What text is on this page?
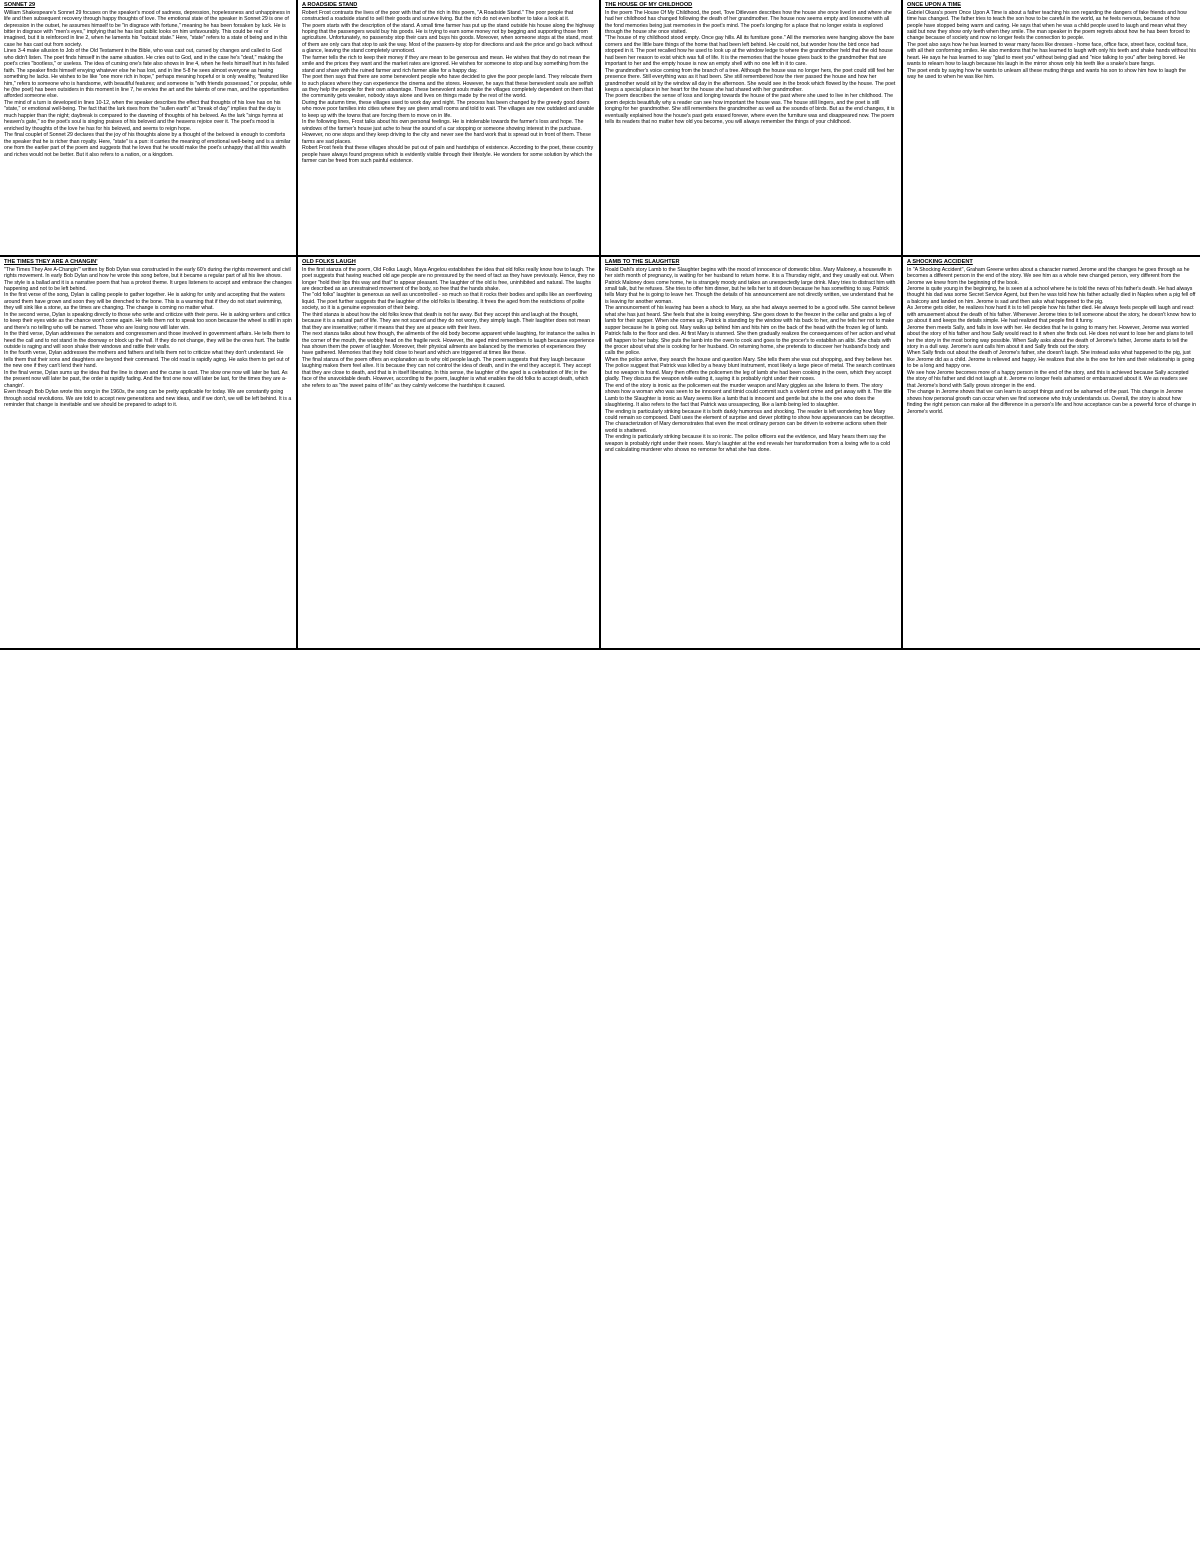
SONNET 29

William Shakespeare's Sonnet 29 focuses on the speaker's mood of sadness, depression, hopelessness and unhappiness in life and then subsequent recovery through happy thoughts of love. The emotional state of the speaker in Sonnet 29 is one of depression in the outset, he assumes himself to be "in disgrace with fortune," meaning he has been forsaken by luck. He is bitter in disgrace with "men's eyes," implying that he has lost public looks on him unfavourably. This could be real or imagined, but it is reinforced in line 2, when he laments his "outcast state." Here, "state" refers to a state of being and in this case he has cast out from society.

Lines 3-4 make allusion to Job of the Old Testament in the Bible, who was cast out, cursed by changes and called to God who didn't listen. The poet finds himself in the same situation. He cries out to God, and in the case he's "deaf," making the poet's cries "bootless," or useless. The idea of cursing one's fate also shows in line 4, when he feels himself hurt in his failed faith. The speaker finds himself envying whatever else he has lost, and in line 5-8 he sees almost everyone as having something he lacks. He wishes to be like "one more rich in hope," perhaps meaning hopeful or is only wealthy, "featured like him," refers to someone who is handsome, with beautiful features; and someone is "with friends possessed," or popular, while he (the poet) has been outsiders in this moment in line 7, he envies the art and the talents of one man, and the opportunities afforded someone else.

The mind of a turn is developed in lines 10-12, when the speaker describes the effect that thoughts of his love has on his "state," or emotional well-being. The fact that the lark rises from the "sullen earth" at "break of day" implies that the day is much happier than the night; daybreak is compared to the dawning of thoughts of his beloved. As the lark "sings hymns at heaven's gate," so the poet's soul is singing praises of his beloved and the heavens rejoice over it. The poet's mood is enriched by thoughts of the love he has for his beloved, and seems to reign hope.

The final couplet of Sonnet 29 declares that the joy of his thoughts alone by a thought of the beloved is enough to comforts the speaker that he is richer than royalty. Here, "state" is a pun: it carries the meaning of emotional well-being and is a similar one from the earlier part of the poem and suggests that he loves that he would make the poet's unhappy that all this wealth and riches would not be better. But it also refers to a nation, or a kingdom.

A ROADSIDE STAND

Robert Frost contrasts the lives of the poor with that of the rich in this poem, "A Roadside Stand." The poor people that constructed a roadside stand to sell their goods and survive living. But the rich do not even bother to take a look at it.

The poem starts with the description of the stand. A small time farmer has put up the stand outside his house along the highway hoping that the passengers would buy his goods. He is trying to earn some money not by begging and supporting those from agriculture. Unfortunately, no passersby stop their cars and buys his goods. Moreover, when someone stops at the stand, most of them are only cars that stop to ask the way. Most of the passers-by stop for directions and ask the price and go back without a glance, leaving the stand completely unnoticed.

The farmer tells the rich to keep their money if they are mean to be generous and mean. He wishes that they do not mean the smile and the prices they want and the market rates are ignored. He wishes for someone to stop and buy something from the stand and share with the ruined farmer and rich farmer alike for a happy day.

The poet then says that there are some benevolent people who have decided to give the poor people land. They relocate them to such places where they can experience the cinema and the stores. However, he says that these benevolent souls are selfish as they help the people for their own advantage. These benevolent souls make the villages completely dependent on them that the community gets weaker, nobody stays alone and lives on things made by the rest of the world.

During the autumn time, these villages used to work day and night. The process has been changed by the greedy good doers who move poor families into cities where they are given small rooms and told to wait. The villages are now outdated and unable to keep up with the towns that are forcing them to move on in life.

In the following lines, Frost talks about his own personal feelings. He is intolerable towards the farmer's loss and hope. The windows of the farmer's house just ache to hear the sound of a car stopping or someone showing interest in the purchase. However, no one stops and they keep driving to the city and never see the hard work that is spread out in front of them. These farms are sad places.

Robert Frost feels that these villages should be put out of pain and hardships of existence. According to the poet, these country people have always found progress which is evidently visible through their lifestyle. He wonders for some solution by which the farmer can be freed from such painful existence.

THE HOUSE OF MY CHILDHOOD

In the poem The House Of My Childhood, the poet, Tove Ditlevsen describes how the house she once lived in and where she had her childhood has changed following the death of her grandmother. The house now seems empty and lonesome with all the fond memories being just memories in the poet's mind. The poet's longing for a place that no longer exists is explored through the house she once visited.

"The house of my childhood stood empty. Once gay hills. All its furniture gone." All the memories were hanging above the bare corners and the little bare things of the home that had been left behind. He could not, but wonder how the bird once had stopped in it. The poet recalled how he used to look up at the window ledge to where the grandmother held that the old house had been her reason to exist which was full of life. It is the memories that the house gives back to the grandmother that are important to her and the empty house is now an empty shell with no one left in it to care.

The grandmother's voice coming from the branch of a tree. Although the house was no longer hers, the poet could still feel her presence there. Still everything was as it had been. She still remembered how the river passed the house and how her grandmother would sit by the window all day in the afternoon. She would see in the brook which flowed by the house. The poet keeps a special place in her heart for the house she had shared with her grandmother.

The poem describes the sense of loss and longing towards the house of the past where she used to live in her childhood. The poem depicts beautifully why a reader can see how important the house was. The house still lingers, and the poet is still longing for her grandmother. She still remembers the grandmother as well as the sounds of birds. But as the end changes, it is eventually explained how the house's past gets erased forever, where even the furniture was and disappeared now. The poem tells its readers that no matter how old you become, you will always remember the things of your childhood.

ONCE UPON A TIME

Gabriel Okara's poem Once Upon A Time is about a father teaching his son regarding the dangers of fake friends and how time has changed. The father tries to teach the son how to be careful in the world, as he feels nervous, because of how people have stopped being warm and caring. He says that when he was a child people used to laugh and mean what they said but now they show only teeth when they smile. The man speaker in the poem regrets about how he has been forced to change because of society and now no longer feels the connection to people.

The poet also says how he has learned to wear many faces like dresses - home face, office face, street face, cocktail face, with all their conforming smiles. He also mentions that he has learned to laugh with only his teeth and shake hands without his heart. He says he has learned to say "glad to meet you" without being glad and "nice talking to you" after being bored. He wants to relearn how to laugh because his laugh in the mirror shows only his teeth like a snake's bare fangs.

The poet ends by saying how he wants to unlearn all these muting things and wants his son to show him how to laugh the way he used to when he was like him.

THE TIMES THEY ARE A CHANGIN'

"The Times They Are A-Changin'" written by Bob Dylan was constructed in the early 60's during the rights movement and civil rights movement. In early Bob Dylan and how he wrote this song before, but it became a regular part of all his live shows. The style is a ballad and it is a narrative poem that has a protest theme. It urges listeners to accept and embrace the changes happening and not to be left behind.

In the first verse of the song, Dylan is calling people to gather together. He is asking for unity and accepting that the waters around them have grown and soon they will be drenched to the bone. This is a warning that if they do not start swimming, they will sink like a stone, as the times are changing. The change is coming no matter what.

In the second verse, Dylan is speaking directly to those who write and criticize with their pens. He is asking writers and critics to keep their eyes wide as the chance won't come again. He tells them not to speak too soon because the wheel is still in spin and there's no telling who will be named. Those who are losing now will later win.

In the third verse, Dylan addresses the senators and congressmen and those involved in government affairs. He tells them to heed the call and to not stand in the doorway or block up the hall. If they do not change, they will be the ones hurt. The battle outside is raging and will soon shake their windows and rattle their walls.

In the fourth verse, Dylan addresses the mothers and fathers and tells them not to criticize what they don't understand. He tells them that their sons and daughters are beyond their command. The old road is rapidly aging. He asks them to get out of the new one if they can't lend their hand.

In the final verse, Dylan sums up the idea that the line is drawn and the curse is cast. The slow one now will later be fast. As the present now will later be past, the order is rapidly fading. And the first one now will later be last, for the times they are a-changin'.

Even though Bob Dylan wrote this song in the 1960s, the song can be pretty applicable for today. We are constantly going through social revolutions. We are told to accept new generations and new ideas, and if we don't, we will be left behind. It is a reminder that change is inevitable and we should be prepared to adapt to it.

OLD FOLKS LAUGH

In the first stanza of the poem, Old Folks Laugh, Maya Angelou establishes the idea that old folks really know how to laugh. The poet suggests that having reached old age people are no pressured by the need of tact as they have previously. Hence, they no longer "hold their lips this way and that" to appear pleasant. The laughter of the old is free, uninhibited and natural. The laughs are described as an unrestrained movement of the body, so free that the hands shake.

The "old folks" laughter is generous as well as uncontrolled - so much so that it rocks their bodies and spills like an overflowing liquid. The poet further suggests that the laughter of the old folks is liberating. It frees the aged from the restrictions of polite society, so it is a genuine expression of their being.

The third stanza is about how the old folks know that death is not far away. But they accept this and laugh at the thought, because it is a natural part of life. They are not scared and they do not worry, they simply laugh. Their laughter does not mean that they are insensitive; rather it means that they are at peace with their lives.

The next stanza talks about how though, the ailments of the old body become apparent while laughing, for instance the saliva in the corner of the mouth, the wobbly head on the fragile neck. However, the aged mind remembers to laugh because experience has shown them the power of laughter. Moreover, their physical ailments are balanced by the memories of experiences they have gathered. Memories that they hold close to heart and which are triggered at times like these.

The final stanza of the poem offers an explanation as to why old people laugh. The poem suggests that they laugh because laughing makes them feel alive. It is because they can not control the idea of death, and in the end they accept it. They accept that they are close to death, and that is in itself liberating. In this sense, the laughter of the aged is a celebration of life; in the face of the unavoidable death. However, according to the poem, laughter is what enables the old folks to accept death, which she refers to as "the sweet pains of life" as they calmly welcome the hardships it caused.

LAMB TO THE SLAUGHTER

Roald Dahl's story Lamb to the Slaughter begins with the mood of innocence of domestic bliss. Mary Maloney, a housewife in her sixth month of pregnancy, is waiting for her husband to return home. It is a Thursday night, and they usually eat out. When Patrick Maloney does come home, he is strangely moody and takes an unexpectedly large drink. Mary tries to distract him with small talk, but he refuses. She tries to offer him dinner, but he tells her to sit down because he has something to say. Patrick tells Mary that he is going to leave her. Though the details of his announcement are not directly written, we understand that he is leaving for another woman.

The announcement of his leaving has been a shock to Mary, as she had always seemed to be a good wife. She cannot believe what she has just heard. She feels that she is losing everything. She goes down to the freezer in the cellar and grabs a leg of lamb for their supper. When she comes up, Patrick is standing by the window with his back to her, and he tells her not to make supper because he is going out. Mary walks up behind him and hits him on the back of the head with the frozen leg of lamb.

Patrick falls to the floor and dies. At first Mary is stunned. She then gradually realizes the consequences of her action and what will happen to her baby. She puts the lamb into the oven to cook and goes to the grocer's to establish an alibi. She chats with the grocer about what she is cooking for her husband. On returning home, she pretends to discover her husband's body and calls the police.

When the police arrive, they search the house and question Mary. She tells them she was out shopping, and they believe her. The police suggest that Patrick was killed by a heavy blunt instrument, most likely a large piece of metal. The search continues but no weapon is found. Mary then offers the policemen the leg of lamb she had been cooking in the oven, which they accept gladly. They discuss the weapon while eating it, saying it is probably right under their noses.

The end of the story is ironic as the policemen eat the murder weapon and Mary giggles as she listens to them. The story shows how a woman who was seen to be innocent and timid could commit such a violent crime and get away with it. The title Lamb to the Slaughter is ironic as Mary seems like a lamb that is innocent and gentle but she is the one who does the slaughtering. It also refers to the fact that Patrick was unsuspecting, like a lamb being led to slaughter.

The ending is particularly striking because it is both darkly humorous and shocking. The reader is left wondering how Mary could remain so composed. Dahl uses the element of surprise and clever plotting to show how appearances can be deceptive. The characterization of Mary demonstrates that even the most ordinary person can be driven to extreme actions when their world is shattered.

The ending is particularly striking because it is so ironic. The police officers eat the evidence, and Mary hears them say the weapon is probably right under their noses. Mary's laughter at the end reveals her transformation from a loving wife to a cold and calculating murderer who shows no remorse for what she has done.

A SHOCKING ACCIDENT

In "A Shocking Accident", Graham Greene writes about a character named Jerome and the changes he goes through as he becomes a different person in the end of the story. We see him as a whole new changed person, very different from the Jerome we knew from the beginning of the book.

Jerome is quite young in the beginning, he is seen at a school where he is told the news of his father's death. He had always thought his dad was some Secret Service Agent, but then he was told how his father actually died in Naples when a pig fell off a balcony and landed on him. Jerome is sad and then asks what happened to the pig.

As Jerome gets older, he realizes how hard it is to tell people how his father died. He always feels people will laugh and react with amusement about the death of his father. Whenever Jerome tries to tell someone about the story, he doesn't know how to go about it and keeps the details simple. He had realized that people find it funny.

Jerome then meets Sally, and falls in love with her. He decides that he is going to marry her. However, Jerome was worried about the story of his father and how Sally would react to it when she finds out. He does not want to lose her and plans to tell her the story in the most boring way possible. When Sally asks about the death of Jerome's father, Jerome starts to tell the story in a dull way. Jerome's aunt calls him about it and Sally finds out the story.

When Sally finds out about the death of Jerome's father, she doesn't laugh. She instead asks what happened to the pig, just like Jerome did as a child. Jerome is relieved and happy. He realizes that she is the one for him and their relationship is going to be a long and happy one.

We see how Jerome becomes more of a happy person in the end of the story, and this is achieved because Sally accepted the story of his father and did not laugh at it. Jerome no longer feels ashamed or embarrassed about it. We as readers see that Jerome's bond with Sally grows stronger in the end.

The change in Jerome shows that we can learn to accept things and not be ashamed of the past. This change in Jerome shows how personal growth can occur when we find someone who truly understands us. Overall, the story is about how finding the right person can make all the difference in a person's life and how acceptance can be a powerful force of change in Jerome's world.
